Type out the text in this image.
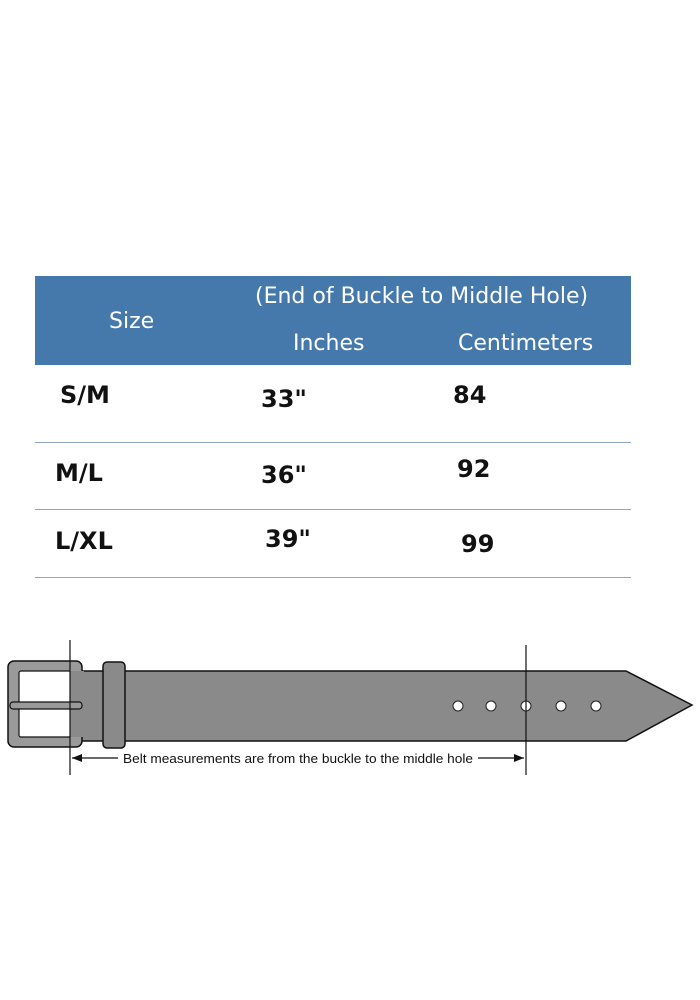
Size
(End of Buckle to Middle Hole)
Inches	Centimeters
S/M	33"	84
M/L	36"	92
L/XL	39"	99
Belt measurements are from the buckle to the middle hole
